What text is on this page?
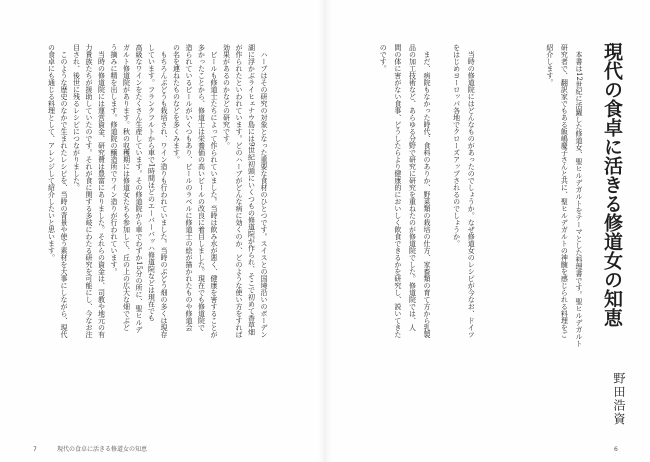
ハーブはその研究の対象となった重要な食材のひとつです。スイスとの国境沿いのボーデン
湖に浮かぶライヒェナウ島には9世紀初頭にいくつもの修道院が作られ、そこで初めて香草畑
が作られたといわれています。どのハーブがどんな病に効くのか、どのような使い方をすれば
効果があるのかなどの研究です。
ビールも修道士たちによって作られていました。当時は飲み水が悪く、健康を害することが
多かったことから、修道士は栄養価の高いビールの改良に着目しました。現在でも修道院で
造られているビールがいくつもあり、ビールのラベルに修道士の絵が描かれたものや修道会
の名を連ねたものなどを多くみます。
もちろんぶどうも栽培され、ワイン造りも行われていました。当時のぶどう畑の多くは現存
しています。フランクフルトから車で1時間ほどのエーバーバッハ修道院などは現在でも
高級なワインをたくさん生産しています。その修道院から車でわずか15分の所に、聖ヒルデ
ガルト修道院があります。秋の収穫期には修道女たちも参加して、丘の上の広大な畑でぶど
う摘みに精を出します。修道院の醸造所でワイン造りが行われています。
当時の修道院には運営資金、研究費は豊富にありました。それらの資金は、司教や地元の有
力貴族たちが援助していたのです。それが食に関する多岐にわたる研究を可能にし、今なお注
目され、後世に残るレシピにつながりました。
このような歴史のなかで生まれたレシピを、当時の背景や使う素材を大事にしながら、現代
の食卓にも通じる料理として、アレンジして紹介したいと思います。
7	現代の食卓に活きる修道女の知恵
現代の食卓に活きる修道女の知恵
野田浩資
本書は12世紀に活躍した修道女、聖ヒルデガルトをテーマとした料理書です。聖ヒルデガルト
研究者で、翻訳家でもある飯嶋慶子さんと共に、聖ヒルデガルトの神髄を感じられる料理をご
紹介します。
当時の修道院にはどんなものがあったのでしょうか。なぜ修道女のレシピが今なお、ドイツ
をはじめヨーロッパ各地でクローズアップされるのでしょうか。
まだ、病院もなかった時代、食料のありか、野菜類の栽培の仕方、家畜類の育て方から乳製
品の加工技術など、あらゆる分野で研究に研究を重ねたのが修道院でした。修道院では、人
間の体に害がない食事、どうしたらより健康的においしく飲食できるかを研究し、説いてきた
のです。
6
